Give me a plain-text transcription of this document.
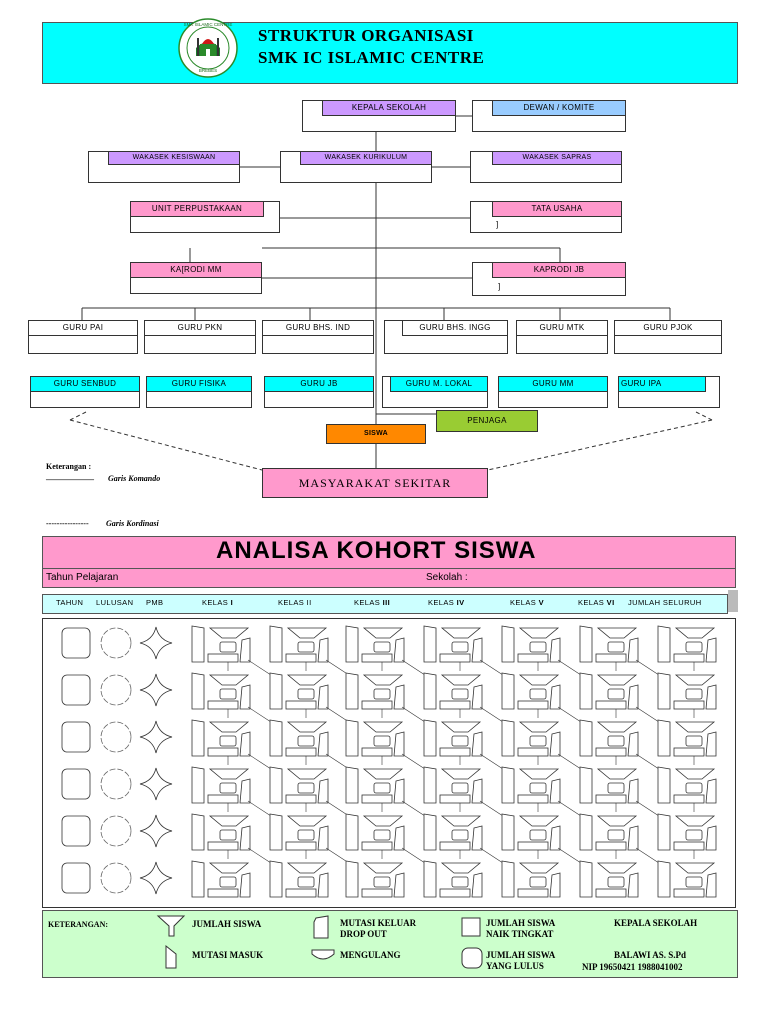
SMK ISLAMIC CENTRE
BREBES
STRUKTUR ORGANISASI
SMK IC ISLAMIC CENTRE
KEPALA SEKOLAH	DEWAN / KOMITE
WAKASEK KESISWAAN	WAKASEK KURIKULUM	WAKASEK SAPRAS
UNIT PERPUSTAKAAN	TATA USAHA
]
KA[RODI MM	KAPRODI JB
]
GURU PAI	GURU PKN	GURU BHS. IND	GURU BHS. INGG	GURU MTK	GURU PJOK
GURU SENBUD	GURU FISIKA	GURU JB	GURU M. LOKAL	GURU MM	GURU IPA
SISWA
PENJAGA
MASYARAKAT SEKITAR
Keterangan :
____________ Garis Komando
---------------- Garis Kordinasi
ANALISA KOHORT SISWA
Tahun Pelajaran	Sekolah :
TAHUN LULUSAN PMB	KELAS I	KELAS II	KELAS III	KELAS IV	KELAS V	KELAS VI JUMLAH SELURUH
KETERANGAN:	JUMLAH SISWA	MUTASI KELUAR
DROP OUT
JUMLAH SISWA
NAIK TINGKAT
KEPALA SEKOLAH
MUTASI MASUK	MENGULANG	JUMLAH SISWA
YANG LULUS
BALAWI AS. S.Pd
NIP 19650421 1988041002
